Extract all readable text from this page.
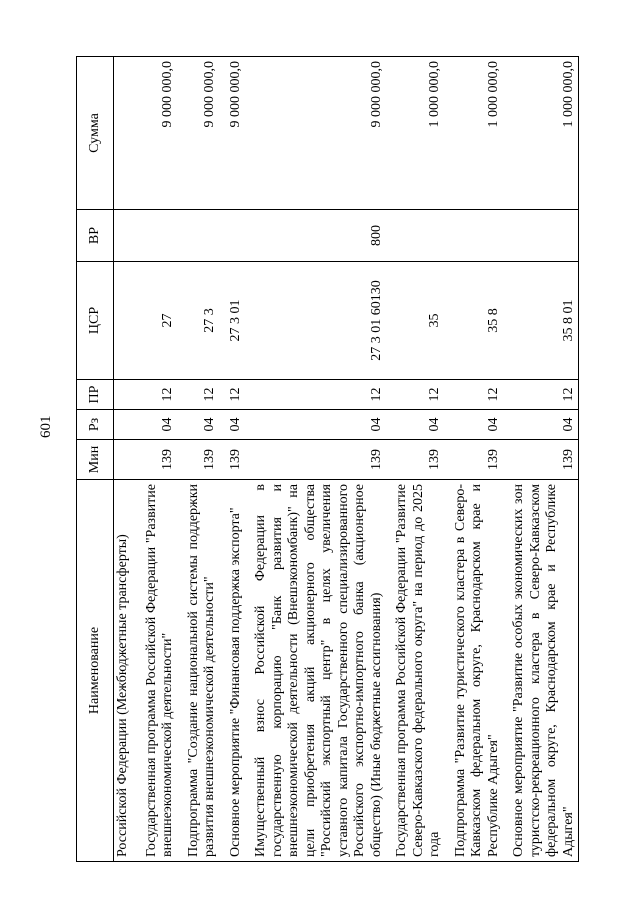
601
Наименование	Мин	Рз	ПР	ЦСР	ВР	Сумма
Российской Федерации (Межбюджетные трансферты)						
Государственная программа Российской Федерации "Развитие внешнеэкономической деятельности"	139	04	12	27		9 000 000,0
Подпрограмма "Создание национальной системы поддержки развития внешнеэкономической деятельности"	139	04	12	27 3		9 000 000,0
Основное мероприятие "Финансовая поддержка экспорта"	139	04	12	27 3 01		9 000 000,0
Имущественный взнос Российской Федерации в государственную корпорацию "Банк развития и внешнеэкономической деятельности (Внешэкономбанк)" на цели приобретения акций акционерного общества "Российский экспортный центр" в целях увеличения уставного капитала Государственного специализированного Российского экспортно-импортного банка (акционерное общество) (Иные бюджетные ассигнования)	139	04	12	27 3 01 60130	800	9 000 000,0
Государственная программа Российской Федерации "Развитие Северо-Кавказского федерального округа" на период до 2025 года	139	04	12	35		1 000 000,0
Подпрограмма "Развитие туристического кластера в Северо-Кавказском федеральном округе, Краснодарском крае и Республике Адыгея"	139	04	12	35 8		1 000 000,0
Основное мероприятие "Развитие особых экономических зон туристско-рекреационного кластера в Северо-Кавказском федеральном округе, Краснодарском крае и Республике Адыгея"	139	04	12	35 8 01		1 000 000,0
